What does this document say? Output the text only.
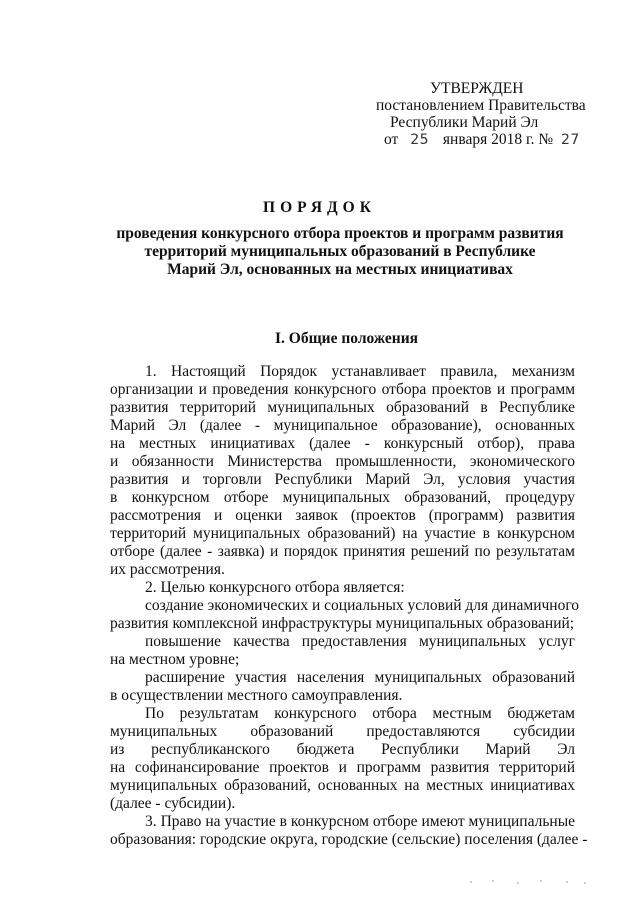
УТВЕРЖДЕН
постановлением Правительства
Республики Марий Эл
от 25 января 2018 г. № 27
ПОРЯДОК
проведения конкурсного отбора проектов и программ развития
территорий муниципальных образований в Республике
Марий Эл, основанных на местных инициативах
I. Общие положения
1. Настоящий Порядок устанавливает правила, механизм
организации и проведения конкурсного отбора проектов и программ
развития территорий муниципальных образований в Республике
Марий Эл (далее - муниципальное образование), основанных
на местных инициативах (далее - конкурсный отбор), права
и обязанности Министерства промышленности, экономического
развития и торговли Республики Марий Эл, условия участия
в конкурсном отборе муниципальных образований, процедуру
рассмотрения и оценки заявок (проектов (программ) развития
территорий муниципальных образований) на участие в конкурсном
отборе (далее - заявка) и порядок принятия решений по результатам
их рассмотрения.
2. Целью конкурсного отбора является:
создание экономических и социальных условий для динамичного
развития комплексной инфраструктуры муниципальных образований;
повышение качества предоставления муниципальных услуг
на местном уровне;
расширение участия населения муниципальных образований
в осуществлении местного самоуправления.
По результатам конкурсного отбора местным бюджетам
муниципальных образований предоставляются субсидии
из республиканского бюджета Республики Марий Эл
на софинансирование проектов и программ развития территорий
муниципальных образований, основанных на местных инициативах
(далее - субсидии).
3. Право на участие в конкурсном отборе имеют муниципальные
образования: городские округа, городские (сельские) поселения (далее -
